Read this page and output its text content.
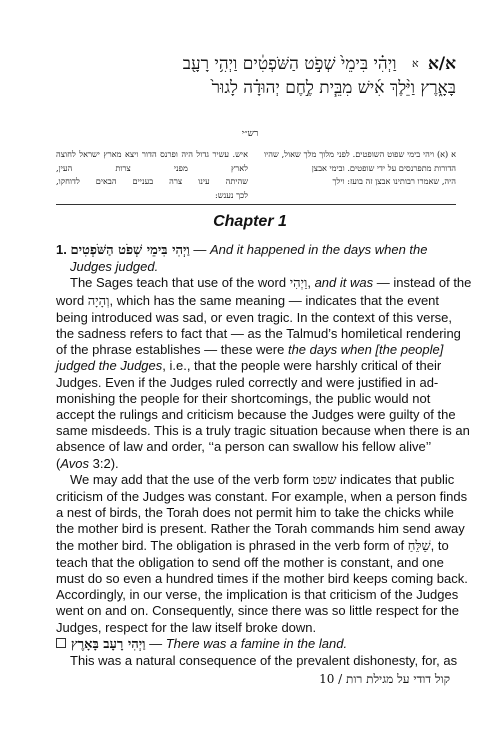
א/א א וַיְהִ֗י בִּימֵי֙ שְׁפֹ֣ט הַשֹּׁפְטִ֔ים וַיְהִ֥י רָעָ֖ב
בָּאָ֑רֶץ וַיֵּ֨לֶךְ אִ֜ישׁ מִבֵּ֧ית לֶ֣חֶם יְהוּדָ֗ה לָגוּר֙
רש״י
א (א) ויהי בימי שפוט השופטים. לפני מלוך מלך שאול, שהיו הדורות מתפרנסים על ידי שופטים. ובימי אבצן
היה, שאמרו רבותינו אבצן זה בועז: וילך
איש. עשיר גדול היה ופרנס הדור ויצא מארץ ישראל לחוצה לארץ מפני צרות העין,
שהיתה עינו צרה בעניים הבאים לדוחקו,
לכך נענש:
Chapter 1
1. וַיְהִי בִּימֵי שְׁפֹט הַשֹּׁפְטִים — And it happened in the days when the
Judges judged.
The Sages teach that use of the word וַיְהִי, and it was — instead of the
word וְהָיָה, which has the same meaning — indicates that the event
being introduced was sad, or even tragic. In the context of this verse,
the sadness refers to fact that — as the Talmud’s homiletical rendering
of the phrase establishes — these were the days when [the people]
judged the Judges, i.e., that the people were harshly critical of their
Judges. Even if the Judges ruled correctly and were justified in ad-
monishing the people for their shortcomings, the public would not
accept the rulings and criticism because the Judges were guilty of the
same misdeeds. This is a truly tragic situation because when there is an
absence of law and order, ‘‘a person can swallow his fellow alive’’
(Avos 3:2).
We may add that the use of the verb form שפט indicates that public
criticism of the Judges was constant. For example, when a person finds
a nest of birds, the Torah does not permit him to take the chicks while
the mother bird is present. Rather the Torah commands him send away
the mother bird. The obligation is phrased in the verb form of שַׁלֵּחַ, to
teach that the obligation to send off the mother is constant, and one
must do so even a hundred times if the mother bird keeps coming back.
Accordingly, in our verse, the implication is that criticism of the Judges
went on and on. Consequently, since there was so little respect for the
Judges, respect for the law itself broke down.
וַיְהִי רָעָב בָּאָרֶץ — There was a famine in the land.
This was a natural consequence of the prevalent dishonesty, for, as
10 / קול דודי על מגילת רות
